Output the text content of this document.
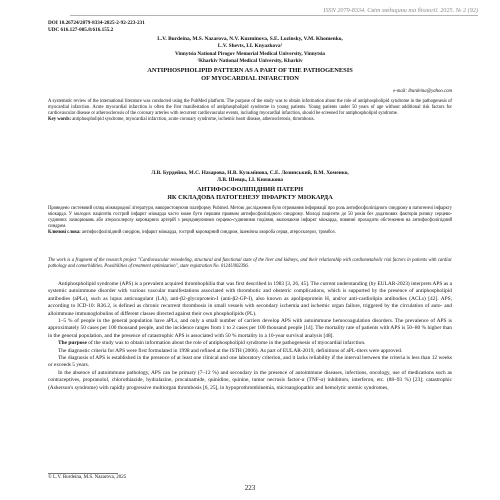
ISSN 2079-8334. Світ медицини та біології. 2025. № 2 (92)
DOI 10.26724/2079-8334-2025-2-92-223-231
UDC 616.127-005.8:616.155.2
L.V. Burdeina, M.S. Nazarova, N.V. Kuzminova, S.E. Lozinsky, V.M. Khomenko,
L.V. Shevts, I.I. Knyazkova¹
Vinnytsia National Pirogov Memorial Medical University, Vinnytsia
¹Kharkiv National Medical University, Kharkiv
ANTIPHOSPHOLIPID PATTERN AS A PART OF THE PATHOGENESIS
OF MYOCARDIAL INFARCTION
e-mail: lburdeina@yahoo.com
A systematic review of the international literature was conducted using the PubMed platform. The purpose of the study was to obtain information about the role of antiphospholipid syndrome in the pathogenesis of myocardial infarction. Acute myocardial infarction is often the first manifestation of antiphospholipid syndrome in young patients. Young patients under 50 years of age without additional risk factors for cardiovascular disease or atherosclerosis of the coronary arteries with recurrent cardiovascular events, including myocardial infarction, should be screened for antiphospholipid syndrome.
Key words: antiphospholipid syndrome, myocardial infarction, acute coronary syndrome, ischemic heart disease, atherosclerosis, thrombosis.
Л.В. Бурдейна, М.С. Назарова, Н.В. Кузьмінова, С.Е. Лозинський, В.М. Хоменко,
Л.В. Шевць, І.І. Князькова
АНТИФОСФОЛІПІДНИЙ ПАТЕРН
ЯК СКЛАДОВА ПАТОГЕНЕЗУ ІНФАРКТУ МІОКАРДА
Проведено системний огляд міжнародної літератури, використовуючи платформу Pubmed. Метою дослідження було отримання інформації про роль антифосфоліпідного синдрому в патогенезі інфаркту міокарда. У молодих пацієнтів гострий інфаркт міокарда часто може бути першим проявом антифосфоліпідного синдрому. Молоді пацієнти до 50 років без додаткових факторів ризику серцево-судинних захворювань або атеросклерозу коронарних артерій з рецидивуючими серцево-судинними подіями, включаючи інфаркт міокарда, повинні проходити обстеження на антифосфоліпідний синдром.
Ключові слова: антифосфоліпідний синдром, інфаркт міокарда, гострий коронарний синдром, ішемічна хвороба серця, атеросклероз, тромбоз.
The work is a fragment of the research project "Cardiovascular remodeling, structural and functional state of the liver and kidneys, and their relationship with cardiometabolic risk factors in patients with cardiac pathology and comorbidities. Possibilities of treatment optimization", state registration No. 0124U002396.

Antiphospholipid syndrome (APS) is a prevalent acquired thrombophilia that was first described in 1983 [3, 26, 45]. The current understanding (by EULAR-2023) interprets APS as a systemic autoimmune disorder with various vascular manifestations associated with thrombotic and obstetric complications, which is supported by the presence of antiphospholipid antibodies (aPLs), such as lupus anticoagulant (LA), anti-β2-glycoprotein-I (anti-β2-GP-I), also known as apolipoprotein H, and/or anti-cardiolipin antibodies (ACLs) [42]. APS, according to ICD-10: R36.2, is defined as chronic recurrent thrombosis in small vessels with secondary ischemia and ischemic organ failure, triggered by the circulation of auto- and alloimmune immunoglobulins of different classes directed against their own phospholipids (PL).

1–5 % of people in the general population have aPLs, and only a small number of carriers develop APS with autoimmune hemocoagulation disorders. The prevalence of APS is approximately 50 cases per 100 thousand people, and the incidence ranges from 1 to 2 cases per 100 thousand people [14]. The mortality rate of patients with APS is 50–80 % higher than in the general population, and the presence of catastrophic APS is associated with 50 % mortality in a 10-year survival analysis [48].

The purpose of the study was to obtain information about the role of antiphospholipid syndrome in the pathogenesis of myocardial infarction.

The diagnostic criteria for APS were first formulated in 1998 and refined at the ISTH (2006). As part of EULAR-2019, definitions of aPL-titers were approved.

The diagnosis of APS is established in the presence of at least one clinical and one laboratory criterion, and it lacks reliability if the interval between the criteria is less than 12 weeks or exceeds 5 years.

In the absence of autoimmune pathology, APS can be primary (7–12 %) and secondary in the presence of autoimmune diseases, infections, oncology, use of medications such as contraceptives, propranolol, chlorothiazide, hydralazine, procainamide, quinidine, quinine, tumor necrosis factor-α (TNF-α) inhibitors, interferon, etc. (88–93 %) [23]; catastrophic (Asherson's syndrome) with rapidly progressive multiorgan thrombosis [6, 25], in hypoprothrombinemia, microangiopathic and hemolytic uremic syndromes,

© L.V. Burdeina, M.S. Nazarova, 2025
223
